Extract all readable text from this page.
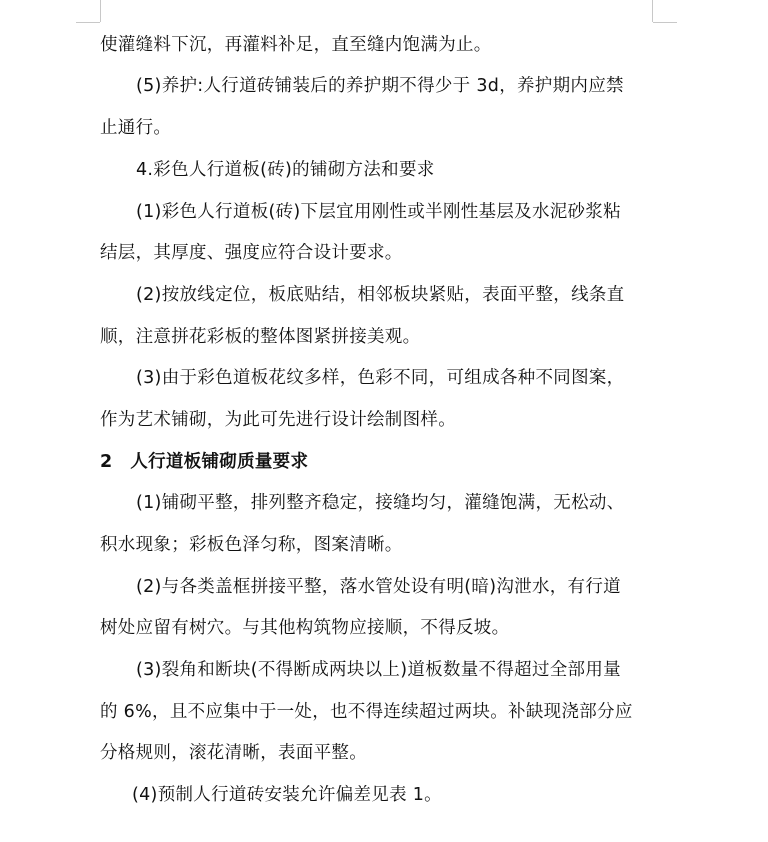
使灌缝料下沉，再灌料补足，直至缝内饱满为止。
(5)养护:人行道砖铺装后的养护期不得少于 3d，养护期内应禁
止通行。
4.彩色人行道板(砖)的铺砌方法和要求
(1)彩色人行道板(砖)下层宜用刚性或半刚性基层及水泥砂浆粘
结层，其厚度、强度应符合设计要求。
(2)按放线定位，板底贴结，相邻板块紧贴，表面平整，线条直
顺，注意拼花彩板的整体图紧拼接美观。
(3)由于彩色道板花纹多样，色彩不同，可组成各种不同图案，
作为艺术铺砌，为此可先进行设计绘制图样。
2　人行道板铺砌质量要求
(1)铺砌平整，排列整齐稳定，接缝均匀，灌缝饱满，无松动、
积水现象；彩板色泽匀称，图案清晰。
(2)与各类盖框拼接平整，落水管处设有明(暗)沟泄水，有行道
树处应留有树穴。与其他构筑物应接顺，不得反坡。
(3)裂角和断块(不得断成两块以上)道板数量不得超过全部用量
的 6%，且不应集中于一处，也不得连续超过两块。补缺现浇部分应
分格规则，滚花清晰，表面平整。
(4)预制人行道砖安装允许偏差见表 1。
